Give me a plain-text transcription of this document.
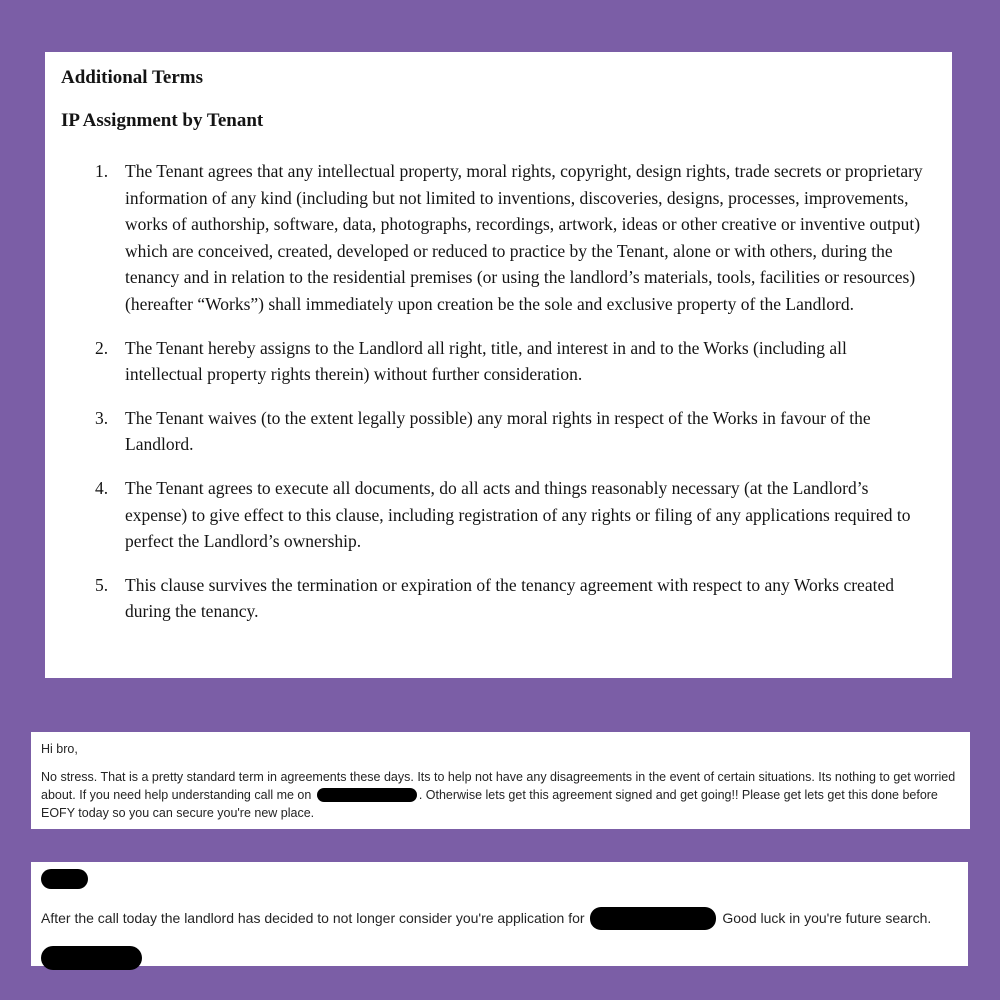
Additional Terms
IP Assignment by Tenant
1. The Tenant agrees that any intellectual property, moral rights, copyright, design rights, trade secrets or proprietary information of any kind (including but not limited to inventions, discoveries, designs, processes, improvements, works of authorship, software, data, photographs, recordings, artwork, ideas or other creative or inventive output) which are conceived, created, developed or reduced to practice by the Tenant, alone or with others, during the tenancy and in relation to the residential premises (or using the landlord’s materials, tools, facilities or resources) (hereafter “Works”) shall immediately upon creation be the sole and exclusive property of the Landlord.
2. The Tenant hereby assigns to the Landlord all right, title, and interest in and to the Works (including all intellectual property rights therein) without further consideration.
3. The Tenant waives (to the extent legally possible) any moral rights in respect of the Works in favour of the Landlord.
4. The Tenant agrees to execute all documents, do all acts and things reasonably necessary (at the Landlord’s expense) to give effect to this clause, including registration of any rights or filing of any applications required to perfect the Landlord’s ownership.
5. This clause survives the termination or expiration of the tenancy agreement with respect to any Works created during the tenancy.
Hi bro,
No stress. That is a pretty standard term in agreements these days. Its to help not have any disagreements in the event of certain situations. Its nothing to get worried about. If you need help understanding call me on	. Otherwise lets get this agreement signed and get going!! Please get lets get this done before EOFY today so you can secure you're new place.
After the call today the landlord has decided to not longer consider you're application for	Good luck in you're future search.
